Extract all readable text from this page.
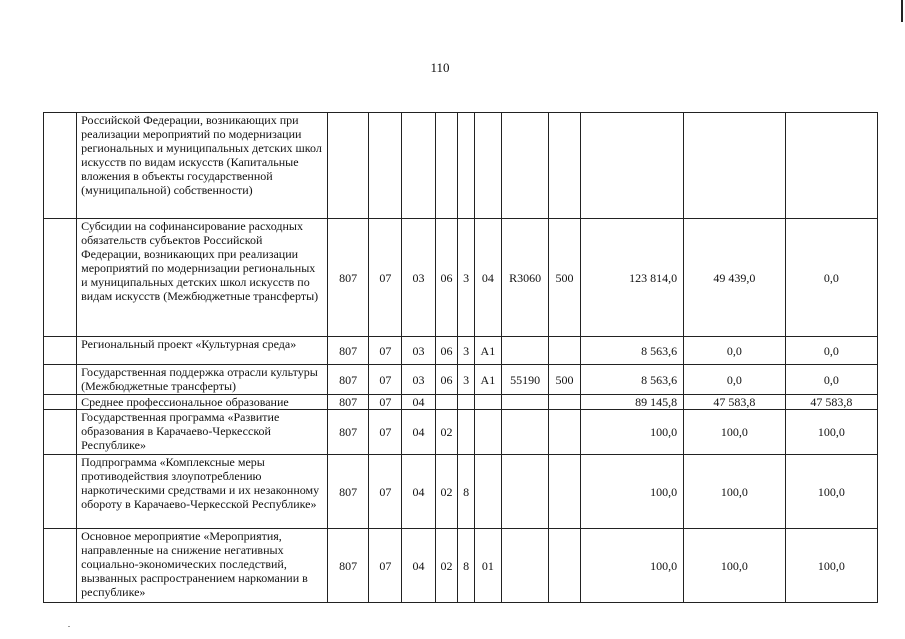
110
	Российской Федерации, возникающих при реализации мероприятий по модернизации региональных и муниципальных детских школ искусств по видам искусств (Капитальные вложения в объекты государственной (муниципальной) собственности)											
	Субсидии на софинансирование расходных обязательств субъектов Российской Федерации, возникающих при реализации мероприятий по модернизации региональных и муниципальных детских школ искусств по видам искусств (Межбюджетные трансферты)	807	07	03	06	3	04	R3060	500	123 814,0	49 439,0	0,0
	Региональный проект «Культурная среда»	807	07	03	06	3	A1			8 563,6	0,0	0,0
	Государственная поддержка отрасли культуры (Межбюджетные трансферты)	807	07	03	06	3	A1	55190	500	8 563,6	0,0	0,0
	Среднее профессиональное образование	807	07	04						89 145,8	47 583,8	47 583,8
	Государственная программа «Развитие образования в Карачаево-Черкесской Республике»	807	07	04	02					100,0	100,0	100,0
	Подпрограмма «Комплексные меры противодействия злоупотреблению наркотическими средствами и их незаконному обороту в Карачаево-Черкесской Республике»	807	07	04	02	8				100,0	100,0	100,0
	Основное мероприятие «Мероприятия, направленные на снижение негативных социально-экономических последствий, вызванных распространением наркомании в республике»	807	07	04	02	8	01			100,0	100,0	100,0
